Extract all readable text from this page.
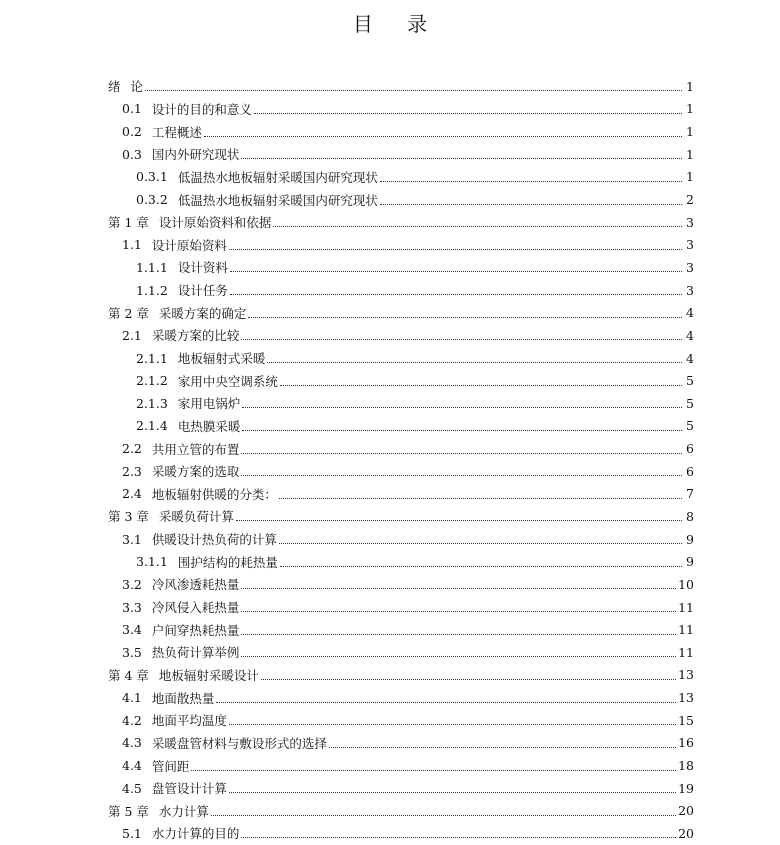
目 录
绪 论	1
0.1 设计的目的和意义	1
0.2 工程概述	1
0.3 国内外研究现状	1
0.3.1 低温热水地板辐射采暖国内研究现状	1
0.3.2 低温热水地板辐射采暖国内研究现状	2
第 1 章 设计原始资料和依据	3
1.1 设计原始资料	3
1.1.1 设计资料	3
1.1.2 设计任务	3
第 2 章 采暖方案的确定	4
2.1 采暖方案的比较	4
2.1.1 地板辐射式采暖	4
2.1.2 家用中央空调系统	5
2.1.3 家用电锅炉	5
2.1.4 电热膜采暖	5
2.2 共用立管的布置	6
2.3 采暖方案的选取	6
2.4 地板辐射供暖的分类：	7
第 3 章 采暖负荷计算	8
3.1 供暖设计热负荷的计算	9
3.1.1 围护结构的耗热量	9
3.2 冷风渗透耗热量	10
3.3 冷风侵入耗热量	11
3.4 户间穿热耗热量	11
3.5 热负荷计算举例	11
第 4 章 地板辐射采暖设计	13
4.1 地面散热量	13
4.2 地面平均温度	15
4.3 采暖盘管材料与敷设形式的选择	16
4.4 管间距	18
4.5 盘管设计计算	19
第 5 章 水力计算	20
5.1 水力计算的目的	20
